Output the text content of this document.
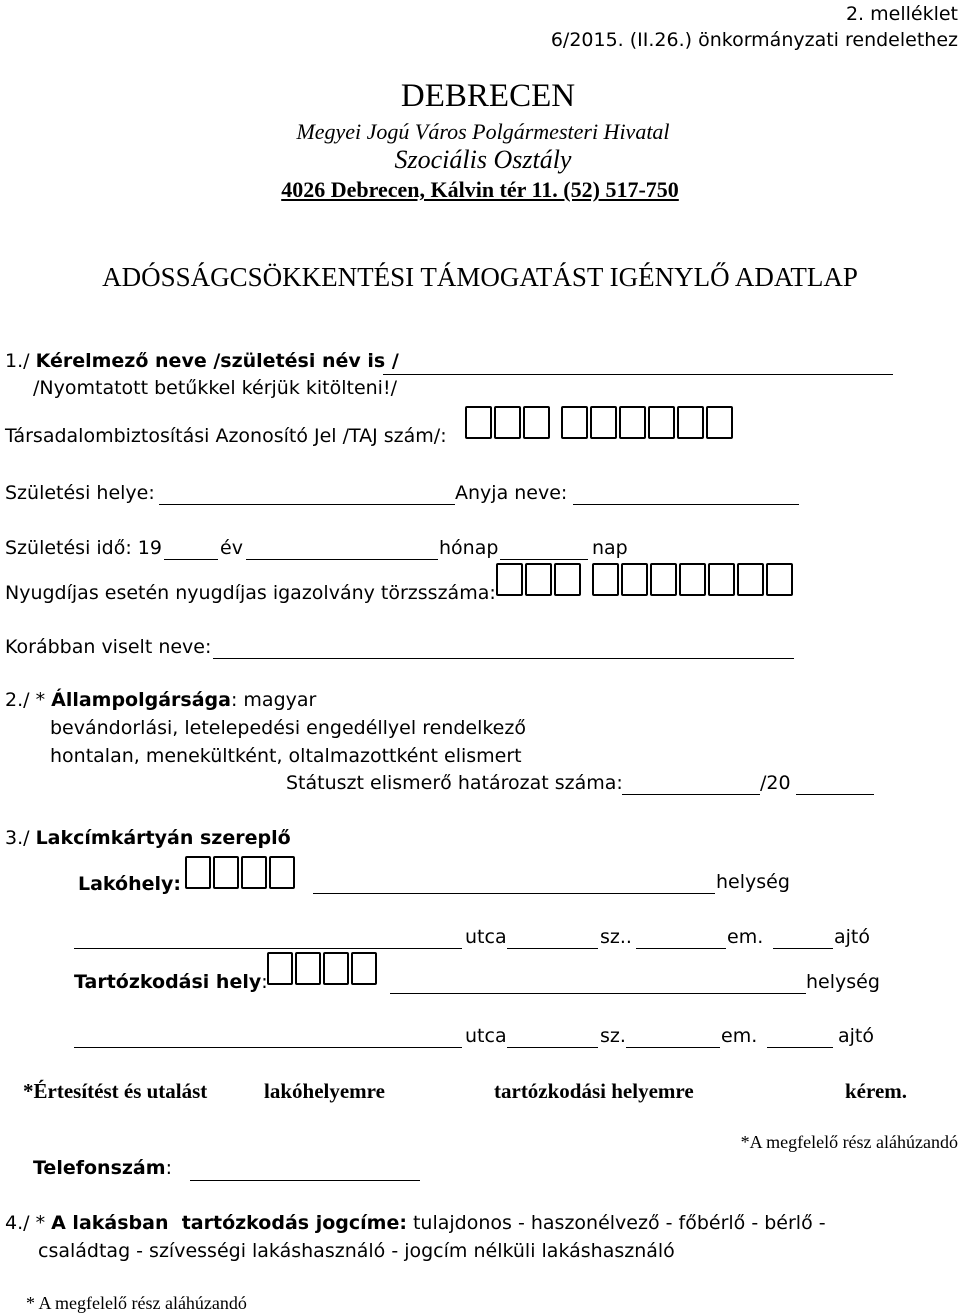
2. melléklet
6/2015. (II.26.) önkormányzati rendelethez
DEBRECEN
Megyei Jogú Város Polgármesteri Hivatal
Szociális Osztály
4026 Debrecen, Kálvin tér 11. (52) 517-750
ADÓSSÁGCSÖKKENTÉSI TÁMOGATÁST IGÉNYLŐ ADATLAP
1./ Kérelmező neve /születési név is /
/Nyomtatott betűkkel kérjük kitölteni!/
Társadalombiztosítási Azonosító Jel /TAJ szám/:
Születési helye:	Anyja neve:
Születési idő: 19	év	hónap	nap
Nyugdíjas esetén nyugdíjas igazolvány törzsszáma:
Korábban viselt neve:
2./ * Állampolgársága: magyar
bevándorlási, letelepedési engedéllyel rendelkező
hontalan, menekültként, oltalmazottként elismert
Státuszt elismerő határozat száma:	/20
3./ Lakcímkártyán szereplő
Lakóhely:	helység
utca	sz..	em.	ajtó
Tartózkodási hely:	helység
utca	sz.	em.	ajtó
*Értesítést és utalást	lakóhelyemre	tartózkodási helyemre	kérem.
*A megfelelő rész aláhúzandó
Telefonszám:
4./ * A lakásban  tartózkodás jogcíme: tulajdonos - haszonélvező - főbérlő - bérlő -
családtag - szívességi lakáshasználó - jogcím nélküli lakáshasználó
* A megfelelő rész aláhúzandó
